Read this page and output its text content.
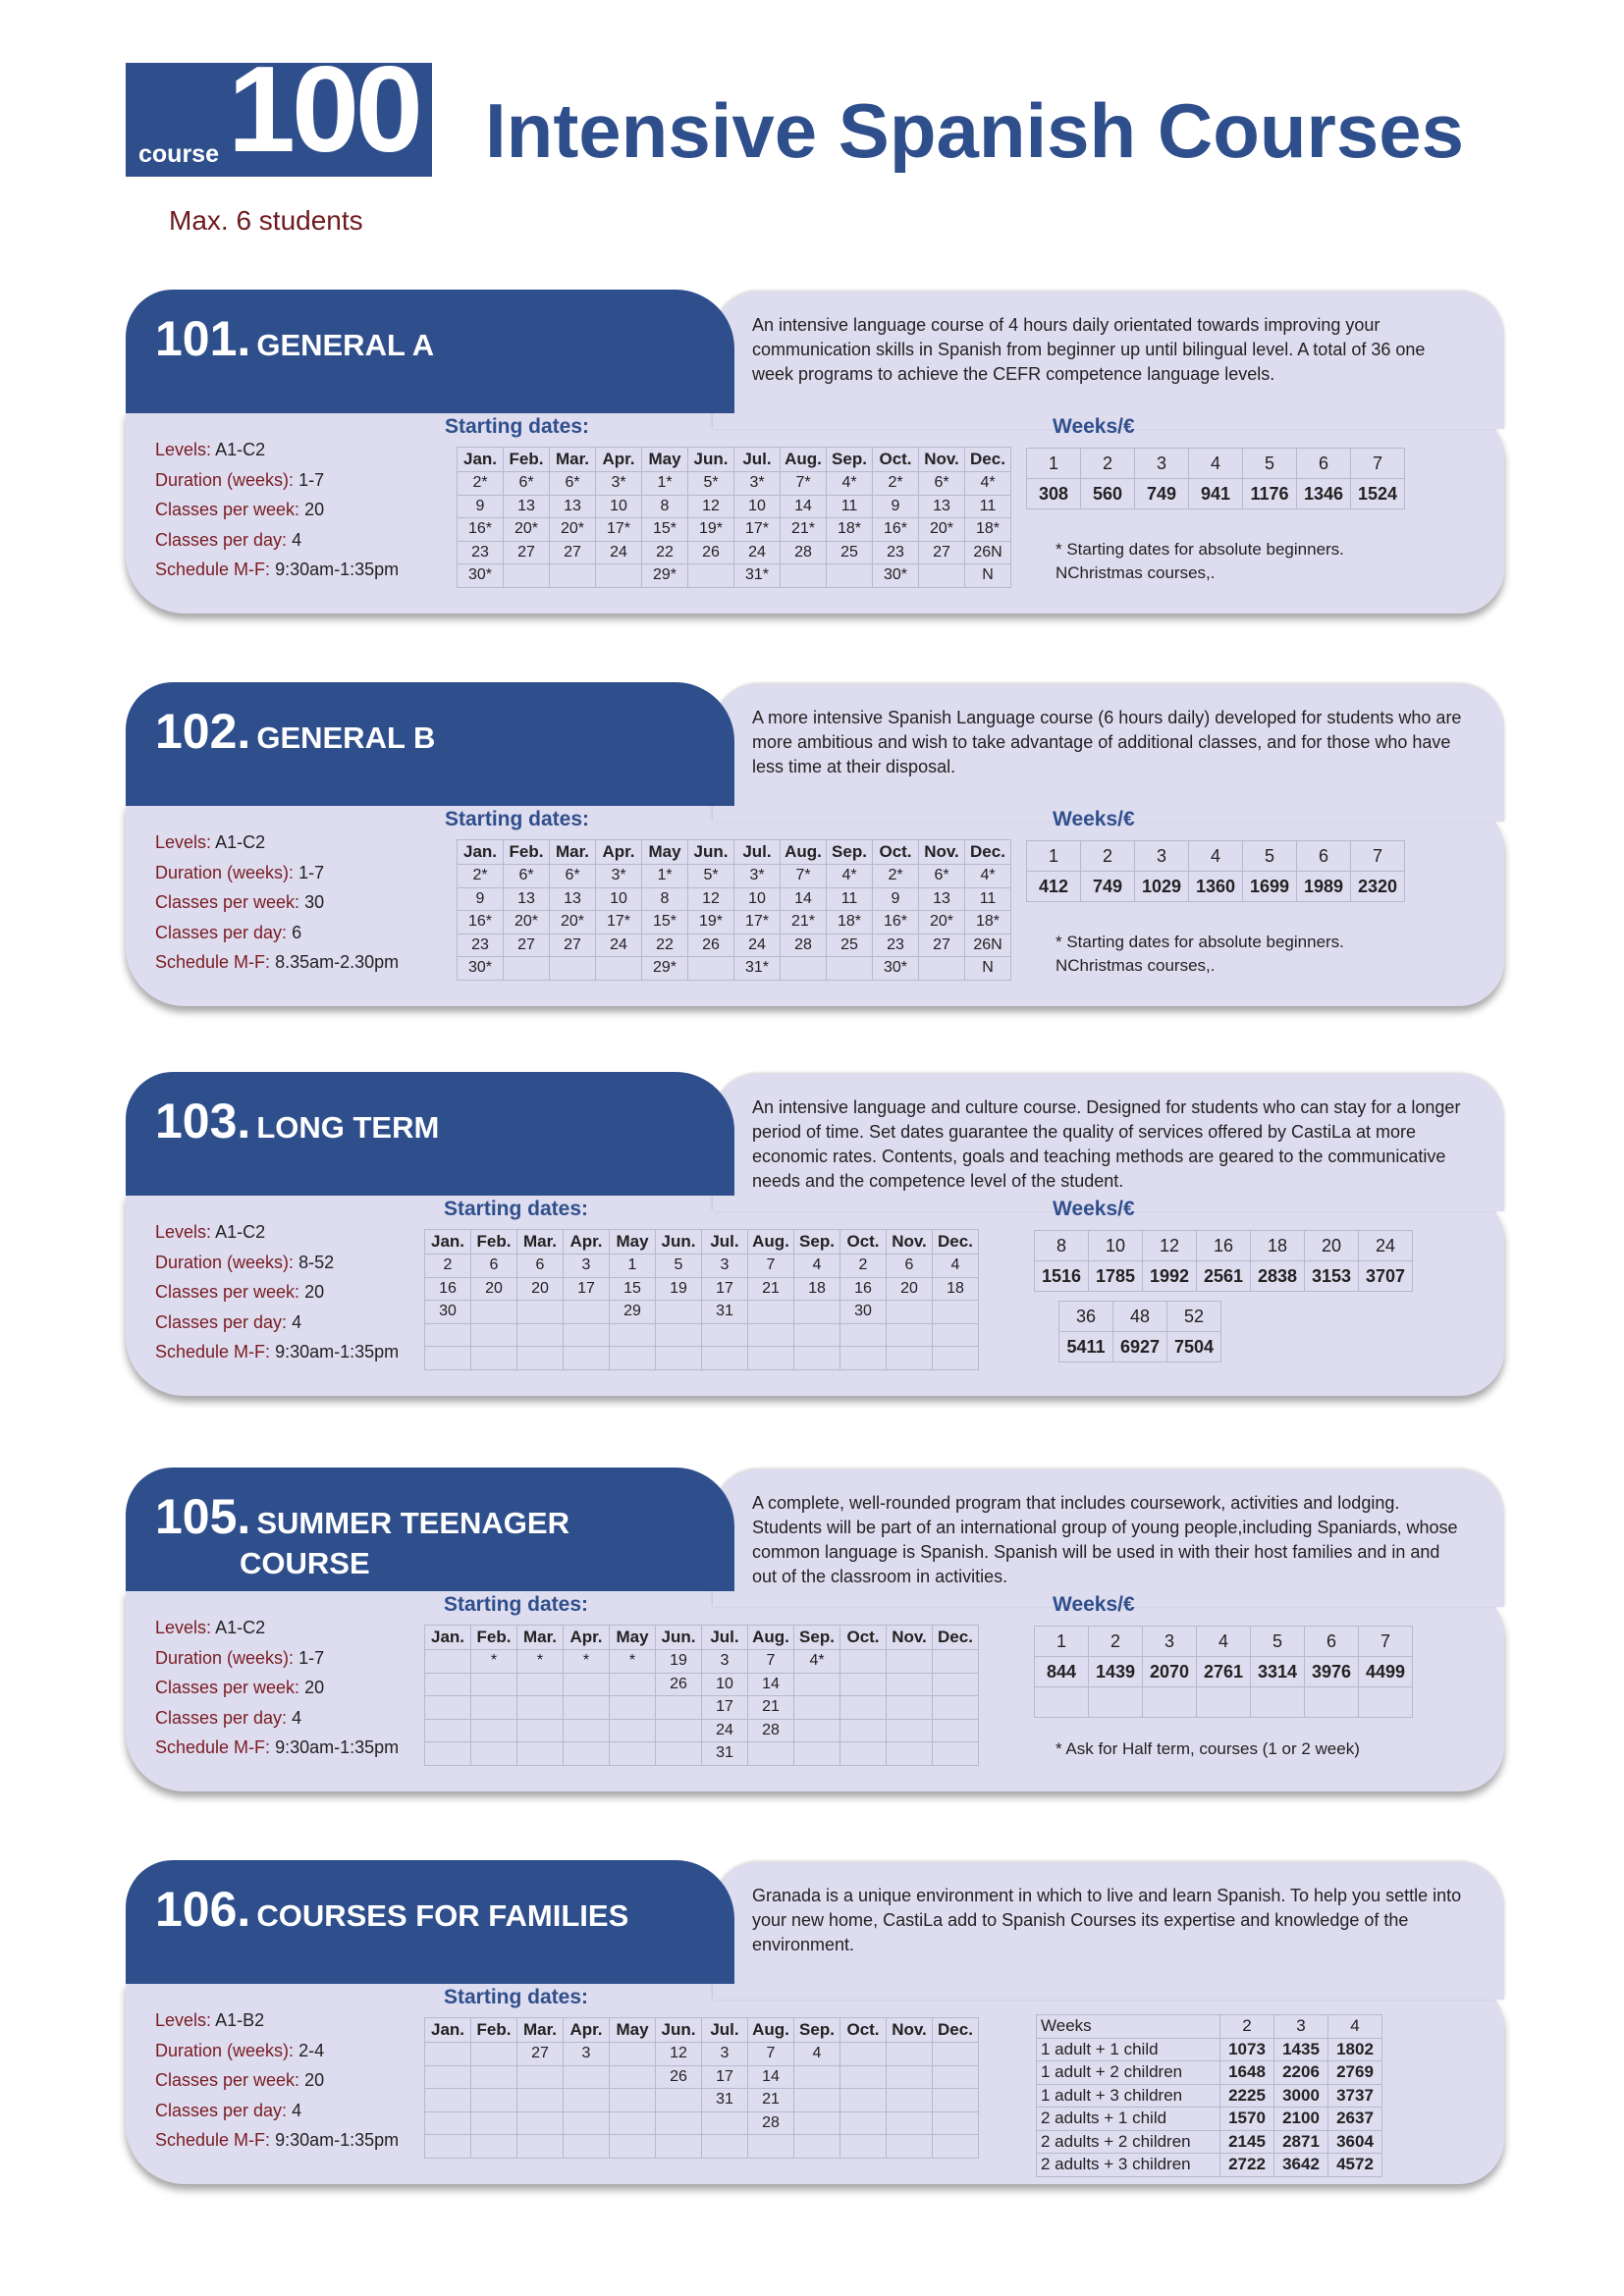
course 100 Intensive Spanish Courses
Max. 6 students

An intensive language course of 4 hours daily orientated towards improving your communication skills in Spanish from beginner up until bilingual level. A total of 36 one week programs to achieve the CEFR competence language levels.

101. GENERAL A
Levels: A1-C2
Duration (weeks): 1-7
Classes per week: 20
Classes per day: 4
Schedule M-F: 9:30am-1:35pm
Starting dates:
Jan.	Feb.	Mar.	Apr.	May	Jun.	Jul.	Aug.	Sep.	Oct.	Nov.	Dec.
2*	6*	6*	3*	1*	5*	3*	7*	4*	2*	6*	4*
9	13	13	10	8	12	10	14	11	9	13	11
16*	20*	20*	17*	15*	19*	17*	21*	18*	16*	20*	18*
23	27	27	24	22	26	24	28	25	23	27	26N
30*				29*		31*			30*		N
Weeks/€
1	2	3	4	5	6	7
308	560	749	941	1176	1346	1524
* Starting dates for absolute beginners.
NChristmas courses,.

A more intensive Spanish Language course (6 hours daily) developed for students who are more ambitious and wish to take advantage of additional classes, and for those who have less time at their disposal.

102. GENERAL B
Levels: A1-C2
Duration (weeks): 1-7
Classes per week: 30
Classes per day: 6
Schedule M-F: 8.35am-2.30pm
Starting dates:
Jan.	Feb.	Mar.	Apr.	May	Jun.	Jul.	Aug.	Sep.	Oct.	Nov.	Dec.
2*	6*	6*	3*	1*	5*	3*	7*	4*	2*	6*	4*
9	13	13	10	8	12	10	14	11	9	13	11
16*	20*	20*	17*	15*	19*	17*	21*	18*	16*	20*	18*
23	27	27	24	22	26	24	28	25	23	27	26N
30*				29*		31*			30*		N
Weeks/€
1	2	3	4	5	6	7
412	749	1029	1360	1699	1989	2320
* Starting dates for absolute beginners.
NChristmas courses,.

An intensive language and culture course. Designed for students who can stay for a longer period of time. Set dates guarantee the quality of services offered by CastiLa at more economic rates. Contents, goals and teaching methods are geared to the communicative needs and the competence level of the student.

103. LONG TERM
Levels: A1-C2
Duration (weeks): 8-52
Classes per week: 20
Classes per day: 4
Schedule M-F: 9:30am-1:35pm
Starting dates:
Jan.	Feb.	Mar.	Apr.	May	Jun.	Jul.	Aug.	Sep.	Oct.	Nov.	Dec.
2	6	6	3	1	5	3	7	4	2	6	4
16	20	20	17	15	19	17	21	18	16	20	18
30				29		31			30		

Weeks/€
8	10	12	16	18	20	24
1516	1785	1992	2561	2838	3153	3707
36	48	52
5411	6927	7504

A complete, well-rounded program that includes coursework, activities and lodging. Students will be part of an international group of young people,including Spaniards, whose common language is Spanish. Spanish will be used in with their host families and in and out of the classroom in activities.

105. SUMMER TEENAGER
COURSE
Levels: A1-C2
Duration (weeks): 1-7
Classes per week: 20
Classes per day: 4
Schedule M-F: 9:30am-1:35pm
Starting dates:
Jan.	Feb.	Mar.	Apr.	May	Jun.	Jul.	Aug.	Sep.	Oct.	Nov.	Dec.
	*	*	*	*	19	3	7	4*			
					26	10	14				
						17	21				
						24	28				
						31					
Weeks/€
1	2	3	4	5	6	7
844	1439	2070	2761	3314	3976	4499

* Ask for Half term, courses (1 or 2 week)

Granada is a unique environment in which to live and learn Spanish. To help you settle into your new home, CastiLa add to Spanish Courses its expertise and knowledge of the environment.

106. COURSES FOR FAMILIES
Levels: A1-B2
Duration (weeks): 2-4
Classes per week: 20
Classes per day: 4
Schedule M-F: 9:30am-1:35pm
Starting dates:
Jan.	Feb.	Mar.	Apr.	May	Jun.	Jul.	Aug.	Sep.	Oct.	Nov.	Dec.
		27	3		12	3	7	4			
					26	17	14				
						31	21				
							28				

Weeks	2	3	4
1 adult + 1 child	1073	1435	1802
1 adult + 2 children	1648	2206	2769
1 adult + 3 children	2225	3000	3737
2 adults + 1 child	1570	2100	2637
2 adults + 2 children	2145	2871	3604
2 adults + 3 children	2722	3642	4572
